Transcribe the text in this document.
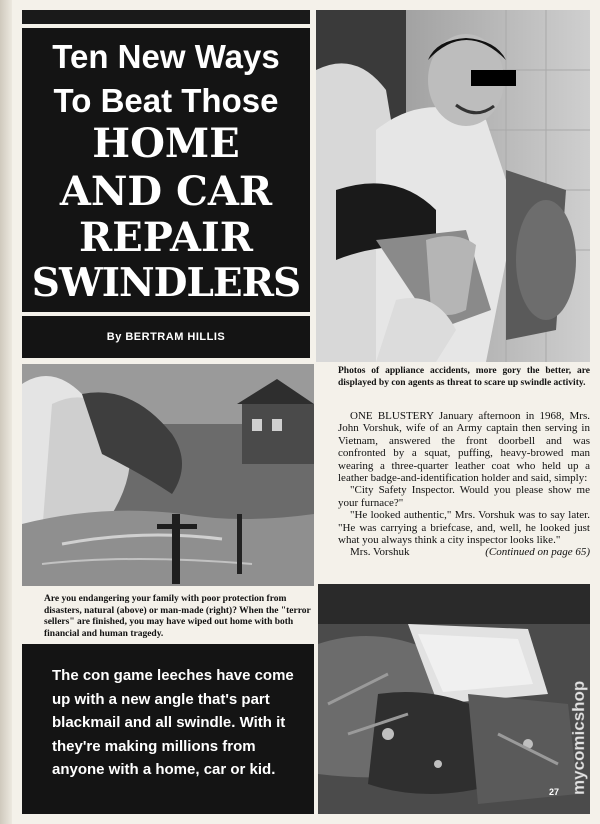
Ten New Ways
To Beat Those
HOME
AND CAR
REPAIR
SWINDLERS
By BERTRAM HILLIS
Photos of appliance accidents, more gory the better, are displayed by con agents as threat to scare up swindle activity.

ONE BLUSTERY January afternoon in 1968, Mrs. John Vorshuk, wife of an Army captain then serving in Vietnam, answered the front doorbell and was confronted by a squat, puffing, heavy-browed man wearing a three-quarter leather coat who held up a leather badge-and-identification holder and said, simply:

"City Safety Inspector. Would you please show me your furnace?"

"He looked authentic," Mrs. Vorshuk was to say later. "He was carrying a briefcase, and, well, he looked just what you always think a city inspector looks like."

Mrs. Vorshuk	(Continued on page 65)

Are you endangering your family with poor protection from disasters, natural (above) or man-made (right)? When the "terror sellers" are finished, you may have wiped out home with both financial and human tragedy.
The con game leeches have come up with a new angle that's part blackmail and all swindle. With it they're making millions from anyone with a home, car or kid.
27 mycomicshop
